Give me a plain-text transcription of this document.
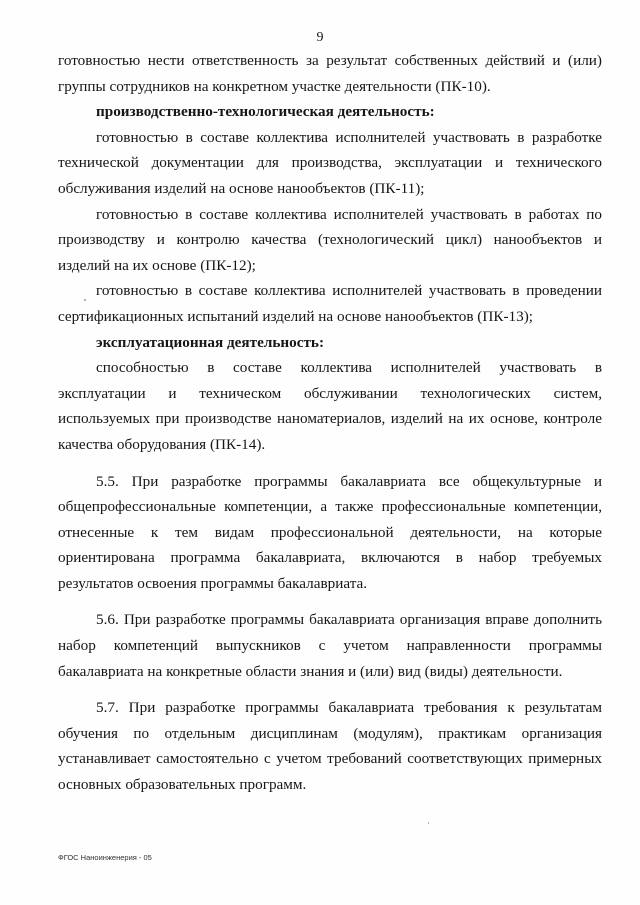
9

готовностью нести ответственность за результат собственных действий и (или) группы сотрудников на конкретном участке деятельности (ПК-10).

производственно-технологическая деятельность:

готовностью в составе коллектива исполнителей участвовать в разработке технической документации для производства, эксплуатации и технического обслуживания изделий на основе нанообъектов (ПК-11);

готовностью в составе коллектива исполнителей участвовать в работах по производству и контролю качества (технологический цикл) нанообъектов и изделий на их основе (ПК-12);

готовностью в составе коллектива исполнителей участвовать в проведении сертификационных испытаний изделий на основе нанообъектов (ПК-13);

эксплуатационная деятельность:

способностью в составе коллектива исполнителей участвовать в эксплуатации и техническом обслуживании технологических систем, используемых при производстве наноматериалов, изделий на их основе, контроле качества оборудования (ПК-14).

5.5. При разработке программы бакалавриата все общекультурные и общепрофессиональные компетенции, а также профессиональные компетенции, отнесенные к тем видам профессиональной деятельности, на которые ориентирована программа бакалавриата, включаются в набор требуемых результатов освоения программы бакалавриата.

5.6. При разработке программы бакалавриата организация вправе дополнить набор компетенций выпускников с учетом направленности программы бакалавриата на конкретные области знания и (или) вид (виды) деятельности.

5.7. При разработке программы бакалавриата требования к результатам обучения по отдельным дисциплинам (модулям), практикам организация устанавливает самостоятельно с учетом требований соответствующих примерных основных образовательных программ.

ФГОС Наноинженерия - 05
